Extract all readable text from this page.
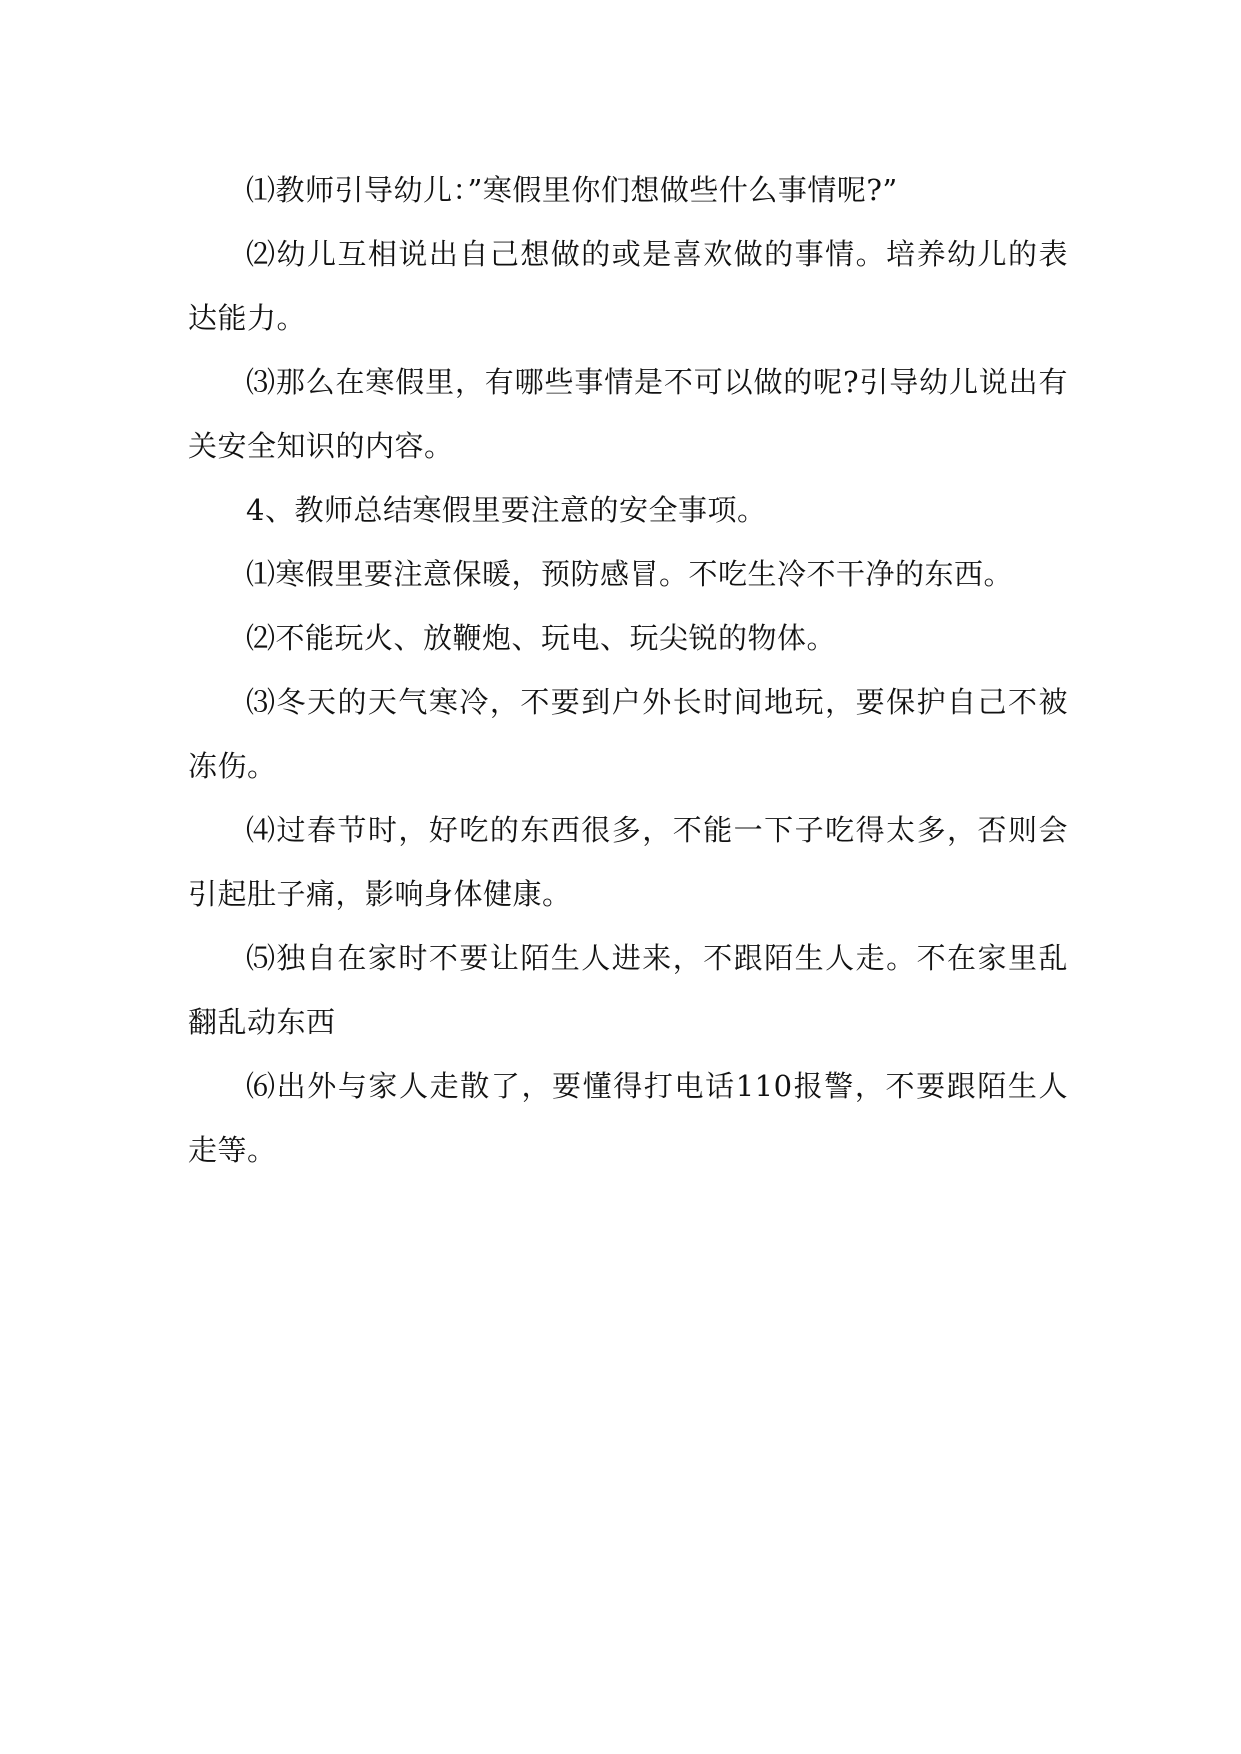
⑴教师引导幼儿：”寒假里你们想做些什么事情呢?”

⑵幼儿互相说出自己想做的或是喜欢做的事情。培养幼儿的表达能力。

⑶那么在寒假里，有哪些事情是不可以做的呢?引导幼儿说出有关安全知识的内容。

4、教师总结寒假里要注意的安全事项。

⑴寒假里要注意保暖，预防感冒。不吃生冷不干净的东西。

⑵不能玩火、放鞭炮、玩电、玩尖锐的物体。

⑶冬天的天气寒冷，不要到户外长时间地玩，要保护自己不被冻伤。

⑷过春节时，好吃的东西很多，不能一下子吃得太多，否则会引起肚子痛，影响身体健康。

⑸独自在家时不要让陌生人进来，不跟陌生人走。不在家里乱翻乱动东西

⑹出外与家人走散了，要懂得打电话110报警，不要跟陌生人走等。
